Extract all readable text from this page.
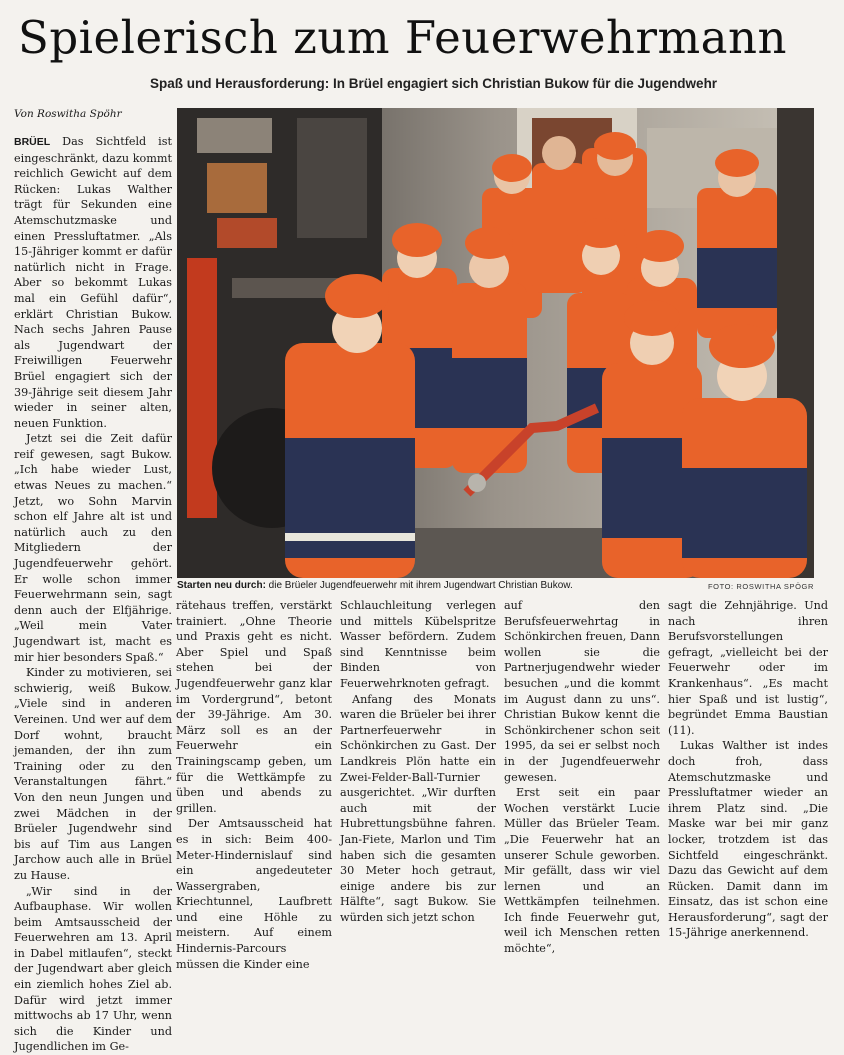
Spielerisch zum Feuerwehrmann
Spaß und Herausforderung: In Brüel engagiert sich Christian Bukow für die Jugendwehr
Von Roswitha Spöhr

BRÜEL Das Sichtfeld ist eingeschränkt, dazu kommt reichlich Gewicht auf dem Rücken: Lukas Walther trägt für Sekunden eine Atemschutzmaske und einen Pressluftatmer. „Als 15-Jähriger kommt er dafür natürlich nicht in Frage. Aber so bekommt Lukas mal ein Gefühl dafür“, erklärt Christian Bukow. Nach sechs Jahren Pause als Jugendwart der Freiwilligen Feuerwehr Brüel engagiert sich der 39-Jährige seit diesem Jahr wieder in seiner alten, neuen Funktion.

Jetzt sei die Zeit dafür reif gewesen, sagt Bukow. „Ich habe wieder Lust, etwas Neues zu machen.“ Jetzt, wo Sohn Marvin schon elf Jahre alt ist und natürlich auch zu den Mitgliedern der Jugendfeuerwehr gehört. Er wolle schon immer Feuerwehrmann sein, sagt denn auch der Elfjährige. „Weil mein Vater Jugendwart ist, macht es mir hier besonders Spaß.“

Kinder zu motivieren, sei schwierig, weiß Bukow. „Viele sind in anderen Vereinen. Und wer auf dem Dorf wohnt, braucht jemanden, der ihn zum Training oder zu den Veranstaltungen fährt.“ Von den neun Jungen und zwei Mädchen in der Brüeler Jugendwehr sind bis auf Tim aus Langen Jarchow auch alle in Brüel zu Hause.

„Wir sind in der Aufbauphase. Wir wollen beim Amtsausscheid der Feuerwehren am 13. April in Dabel mitlaufen“, steckt der Jugendwart aber gleich ein ziemlich hohes Ziel ab. Dafür wird jetzt immer mittwochs ab 17 Uhr, wenn sich die Kinder und Jugendlichen im Ge-

Starten neu durch: die Brüeler Jugendfeuerwehr mit ihrem Jugendwart Christian Bukow.	FOTO: ROSWITHA SPÖGR

rätehaus treffen, verstärkt trainiert. „Ohne Theorie und Praxis geht es nicht. Aber Spiel und Spaß stehen bei der Jugendfeuerwehr ganz klar im Vordergrund“, betont der 39-Jährige. Am 30. März soll es an der Feuerwehr ein Trainingscamp geben, um für die Wettkämpfe zu üben und abends zu grillen.

Der Amtsausscheid hat es in sich: Beim 400-Meter-Hindernislauf sind ein angedeuteter Wassergraben, Kriechtunnel, Laufbrett und eine Höhle zu meistern. Auf einem Hindernis-Parcours müssen die Kinder eine

Schlauchleitung verlegen und mittels Kübelspritze Wasser befördern. Zudem sind Kenntnisse beim Binden von Feuerwehrknoten gefragt.

Anfang des Monats waren die Brüeler bei ihrer Partnerfeuerwehr in Schönkirchen zu Gast. Der Landkreis Plön hatte ein Zwei-Felder-Ball-Turnier ausgerichtet. „Wir durften auch mit der Hubrettungsbühne fahren. Jan-Fiete, Marlon und Tim haben sich die gesamten 30 Meter hoch getraut, einige andere bis zur Hälfte“, sagt Bukow. Sie würden sich jetzt schon

auf den Berufsfeuerwehrtag in Schönkirchen freuen, Dann wollen sie die Partnerjugendwehr wieder besuchen „und die kommt im August dann zu uns“. Christian Bukow kennt die Schönkirchener schon seit 1995, da sei er selbst noch in der Jugendfeuerwehr gewesen.

Erst seit ein paar Wochen verstärkt Lucie Müller das Brüeler Team. „Die Feuerwehr hat an unserer Schule geworben. Mir gefällt, dass wir viel lernen und an Wettkämpfen teilnehmen. Ich finde Feuerwehr gut, weil ich Menschen retten möchte“,

sagt die Zehnjährige. Und nach ihren Berufsvorstellungen gefragt, „vielleicht bei der Feuerwehr oder im Krankenhaus“. „Es macht hier Spaß und ist lustig“, begründet Emma Baustian (11).

Lukas Walther ist indes doch froh, dass Atemschutzmaske und Pressluftatmer wieder an ihrem Platz sind. „Die Maske war bei mir ganz locker, trotzdem ist das Sichtfeld eingeschränkt. Dazu das Gewicht auf dem Rücken. Damit dann im Einsatz, das ist schon eine Herausforderung“, sagt der 15-Jährige anerkennend.
